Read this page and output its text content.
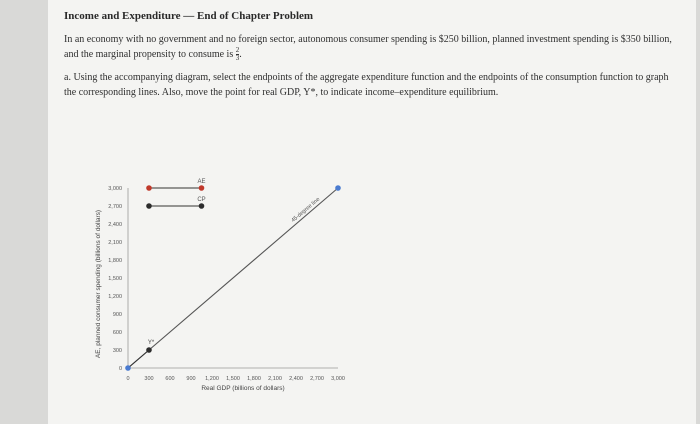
Income and Expenditure — End of Chapter Problem
In an economy with no government and no foreign sector, autonomous consumer spending is $250 billion, planned investment spending is $350 billion, and the marginal propensity to consume is $\frac{2}{3}$ .
a. Using the accompanying diagram, select the endpoints of the aggregate expenditure function and the endpoints of the consumption function to graph the corresponding lines. Also, move the point for real GDP, Y*, to indicate income–expenditure equilibrium.
0	300 600 900 1,200 1,500 1,800 2,100 2,400 2,700 3,000
0
300
600
900
1,200
1,500
1,800
2,100
2,400
2,700
3,000
AE
CP	45-degree line
Y*
Real GDP (billions of dollars)
AE, planned consumer spending (billions of dollars)
